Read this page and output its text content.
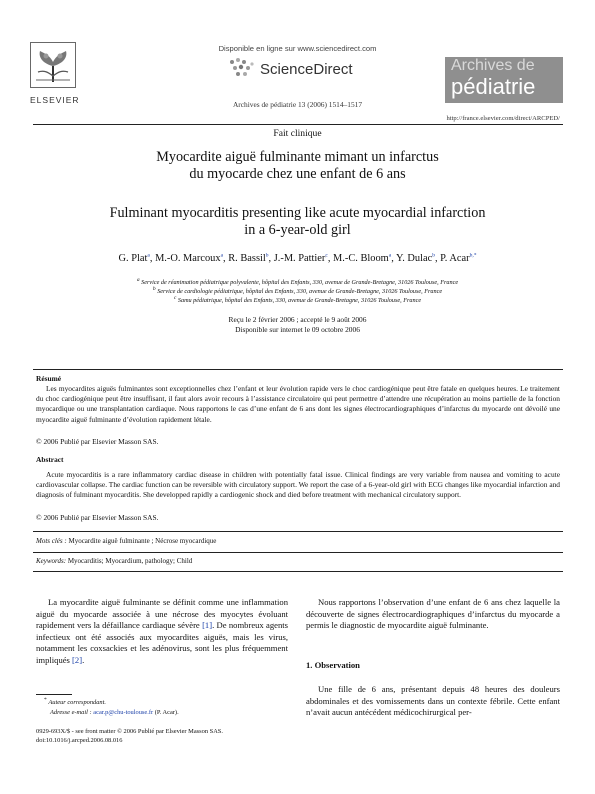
ELSEVIER
Disponible en ligne sur www.sciencedirect.com
ScienceDirect
Archives de pédiatrie 13 (2006) 1514–1517
Archives de
pédiatrie
http://france.elsevier.com/direct/ARCPED/
Fait clinique
Myocardite aiguë fulminante mimant un infarctus
du myocarde chez une enfant de 6 ans
Fulminant myocarditis presenting like acute myocardial infarction
in a 6-year-old girl
G. Plat$^a$, M.-O. Marcoux$^a$, R. Bassil$^b$, J.-M. Pattier$^c$, M.-C. Bloom$^a$, Y. Dulac$^b$, P. Acar$^{b,*}$
$^a$ Service de réanimation pédiatrique polyvalente, hôpital des Enfants, 330, avenue de Grande-Bretagne, 31026 Toulouse, France
$^b$ Service de cardiologie pédiatrique, hôpital des Enfants, 330, avenue de Grande-Bretagne, 31026 Toulouse, France
$^c$ Samu pédiatrique, hôpital des Enfants, 330, avenue de Grande-Bretagne, 31026 Toulouse, France
Reçu le 2 février 2006 ; accepté le 9 août 2006
Disponible sur internet le 09 octobre 2006
Résumé
Les myocardites aiguës fulminantes sont exceptionnelles chez l’enfant et leur évolution rapide vers le choc cardiogénique peut être fatale en quelques heures. Le traitement du choc cardiogénique peut être insuffisant, il faut alors avoir recours à l’assistance circulatoire qui peut permettre d’attendre une récupération au moins partielle de la fonction myocardique ou une transplantation cardiaque. Nous rapportons le cas d’une enfant de 6 ans dont les signes électrocardiographiques d’infarctus du myocarde ont dévoilé une myocardite aiguë fulminante d’évolution rapidement létale.
© 2006 Publié par Elsevier Masson SAS.
Abstract
Acute myocarditis is a rare inflammatory cardiac disease in children with potentially fatal issue. Clinical findings are very variable from nausea and vomiting to acute cardiovascular collapse. The cardiac function can be reversible with circulatory support. We report the case of a 6-year-old girl with ECG changes like myocardial infarction and diagnosis of fulminant myocarditis. She developped rapidly a cardiogenic shock and died before treatment with mechanical circulatory support.
© 2006 Publié par Elsevier Masson SAS.
Mots clés : Myocardite aiguë fulminante ; Nécrose myocardique
Keywords: Myocarditis; Myocardium, pathology; Child
La myocardite aiguë fulminante se définit comme une inflammation aiguë du myocarde associée à une nécrose des myocytes évoluant rapidement vers la défaillance cardiaque sévère [1]. De nombreux agents infectieux ont été associés aux myocardites aiguës, mais les virus, notamment les coxsackies et les adénovirus, sont les plus fréquemment impliqués [2].
Nous rapportons l’observation d’une enfant de 6 ans chez laquelle la découverte de signes électrocardiographiques d’infarctus du myocarde a permis le diagnostic de myocardite aiguë fulminante.
1. Observation
Une fille de 6 ans, présentant depuis 48 heures des douleurs abdominales et des vomissements dans un contexte fébrile. Cette enfant n’avait aucun antécédent médicochirurgical per-
* Auteur correspondant.
Adresse e-mail : acar.p@chu-toulouse.fr (P. Acar).
0929-693X/$ - see front matter © 2006 Publié par Elsevier Masson SAS.
doi:10.1016/j.arcped.2006.08.016
